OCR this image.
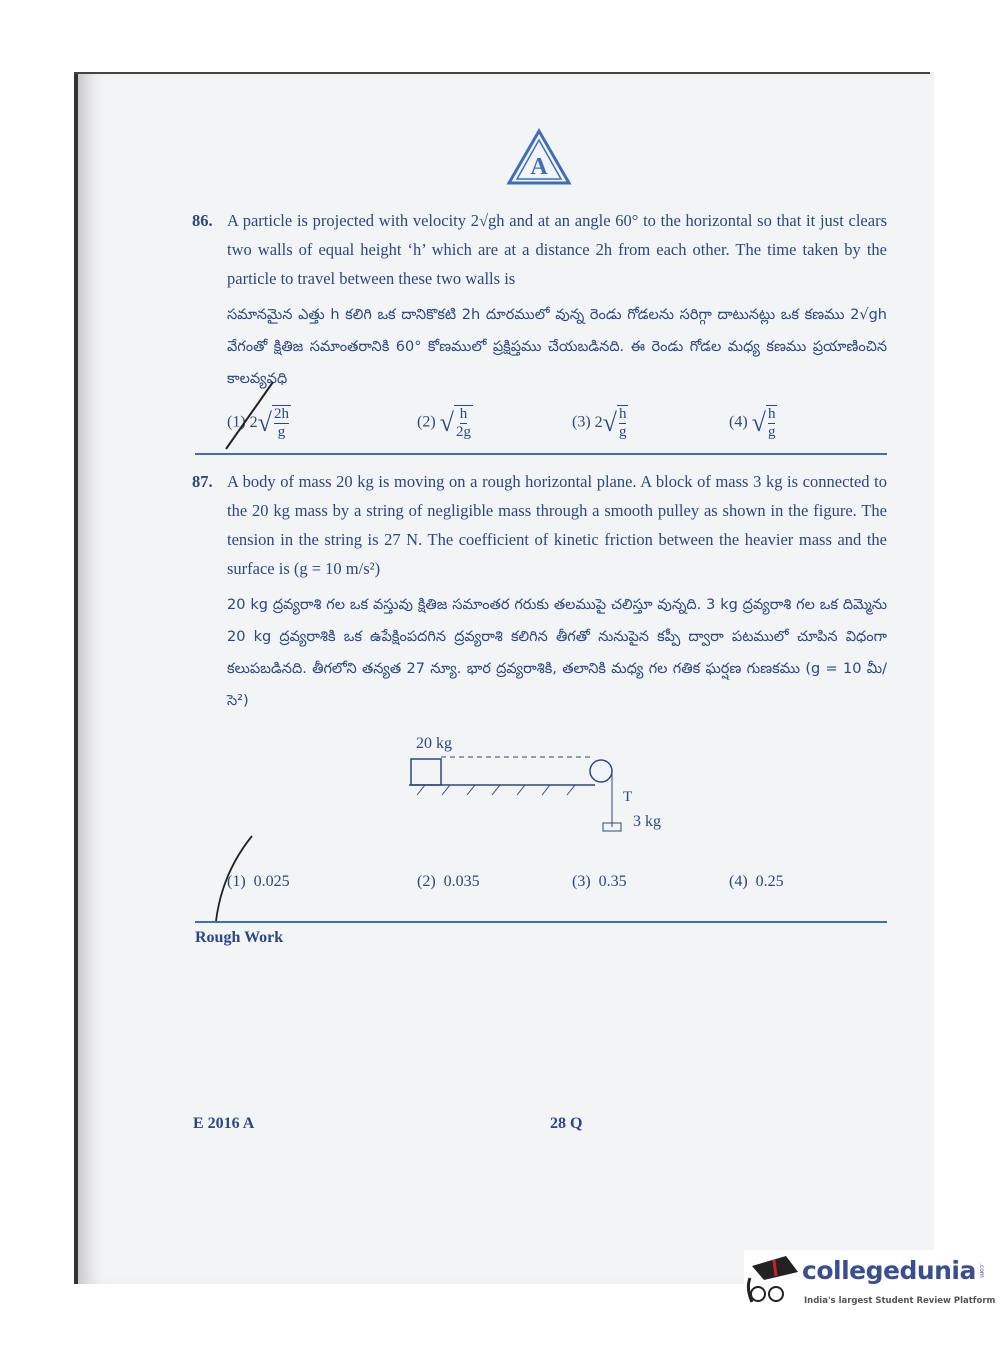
A
86. A particle is projected with velocity 2√gh and at an angle 60° to the horizontal so that it just clears two walls of equal height ‘h’ which are at a distance 2h from each other. The time taken by the particle to travel between these two walls is
సమానమైన ఎత్తు h కలిగి ఒక దానికొకటి 2h దూరములో వున్న రెండు గోడలను సరిగ్గా దాటునట్లు ఒక కణము 2√gh వేగంతో క్షితిజ సమాంతరానికి 60° కోణములో ప్రక్షిప్తము చేయబడినది. ఈ రెండు గోడల మధ్య కణము ప్రయాణించిన కాలవ్యవధి
(1) 2 √ 2h
g
(2) √ h
2g
(3) 2 √ h
g
(4) √ h
g
87. A body of mass 20 kg is moving on a rough horizontal plane. A block of mass 3 kg is connected to the 20 kg mass by a string of negligible mass through a smooth pulley as shown in the figure. The tension in the string is 27 N. The coefficient of kinetic friction between the heavier mass and the surface is (g = 10 m/s²)
20 kg ద్రవ్యరాశి గల ఒక వస్తువు క్షితిజ సమాంతర గరుకు తలముపై చలిస్తూ వున్నది. 3 kg ద్రవ్యరాశి గల ఒక దిమ్మెను 20 kg ద్రవ్యరాశికి ఒక ఉపేక్షింపదగిన ద్రవ్యరాశి కలిగిన తీగతో నునుపైన కప్పీ ద్వారా పటములో చూపిన విధంగా కలుపబడినది. తీగలోని తన్యత 27 న్యూ. భార ద్రవ్యరాశికి, తలానికి మధ్య గల గతిక ఘర్షణ గుణకము (g = 10 మీ/సె²)
20 kg
T
3 kg
(1) 0.025	(2) 0.035	(3) 0.35	(4) 0.25
Rough Work
E 2016 A	28 Q
collegedunia .com
India's largest Student Review Platform
